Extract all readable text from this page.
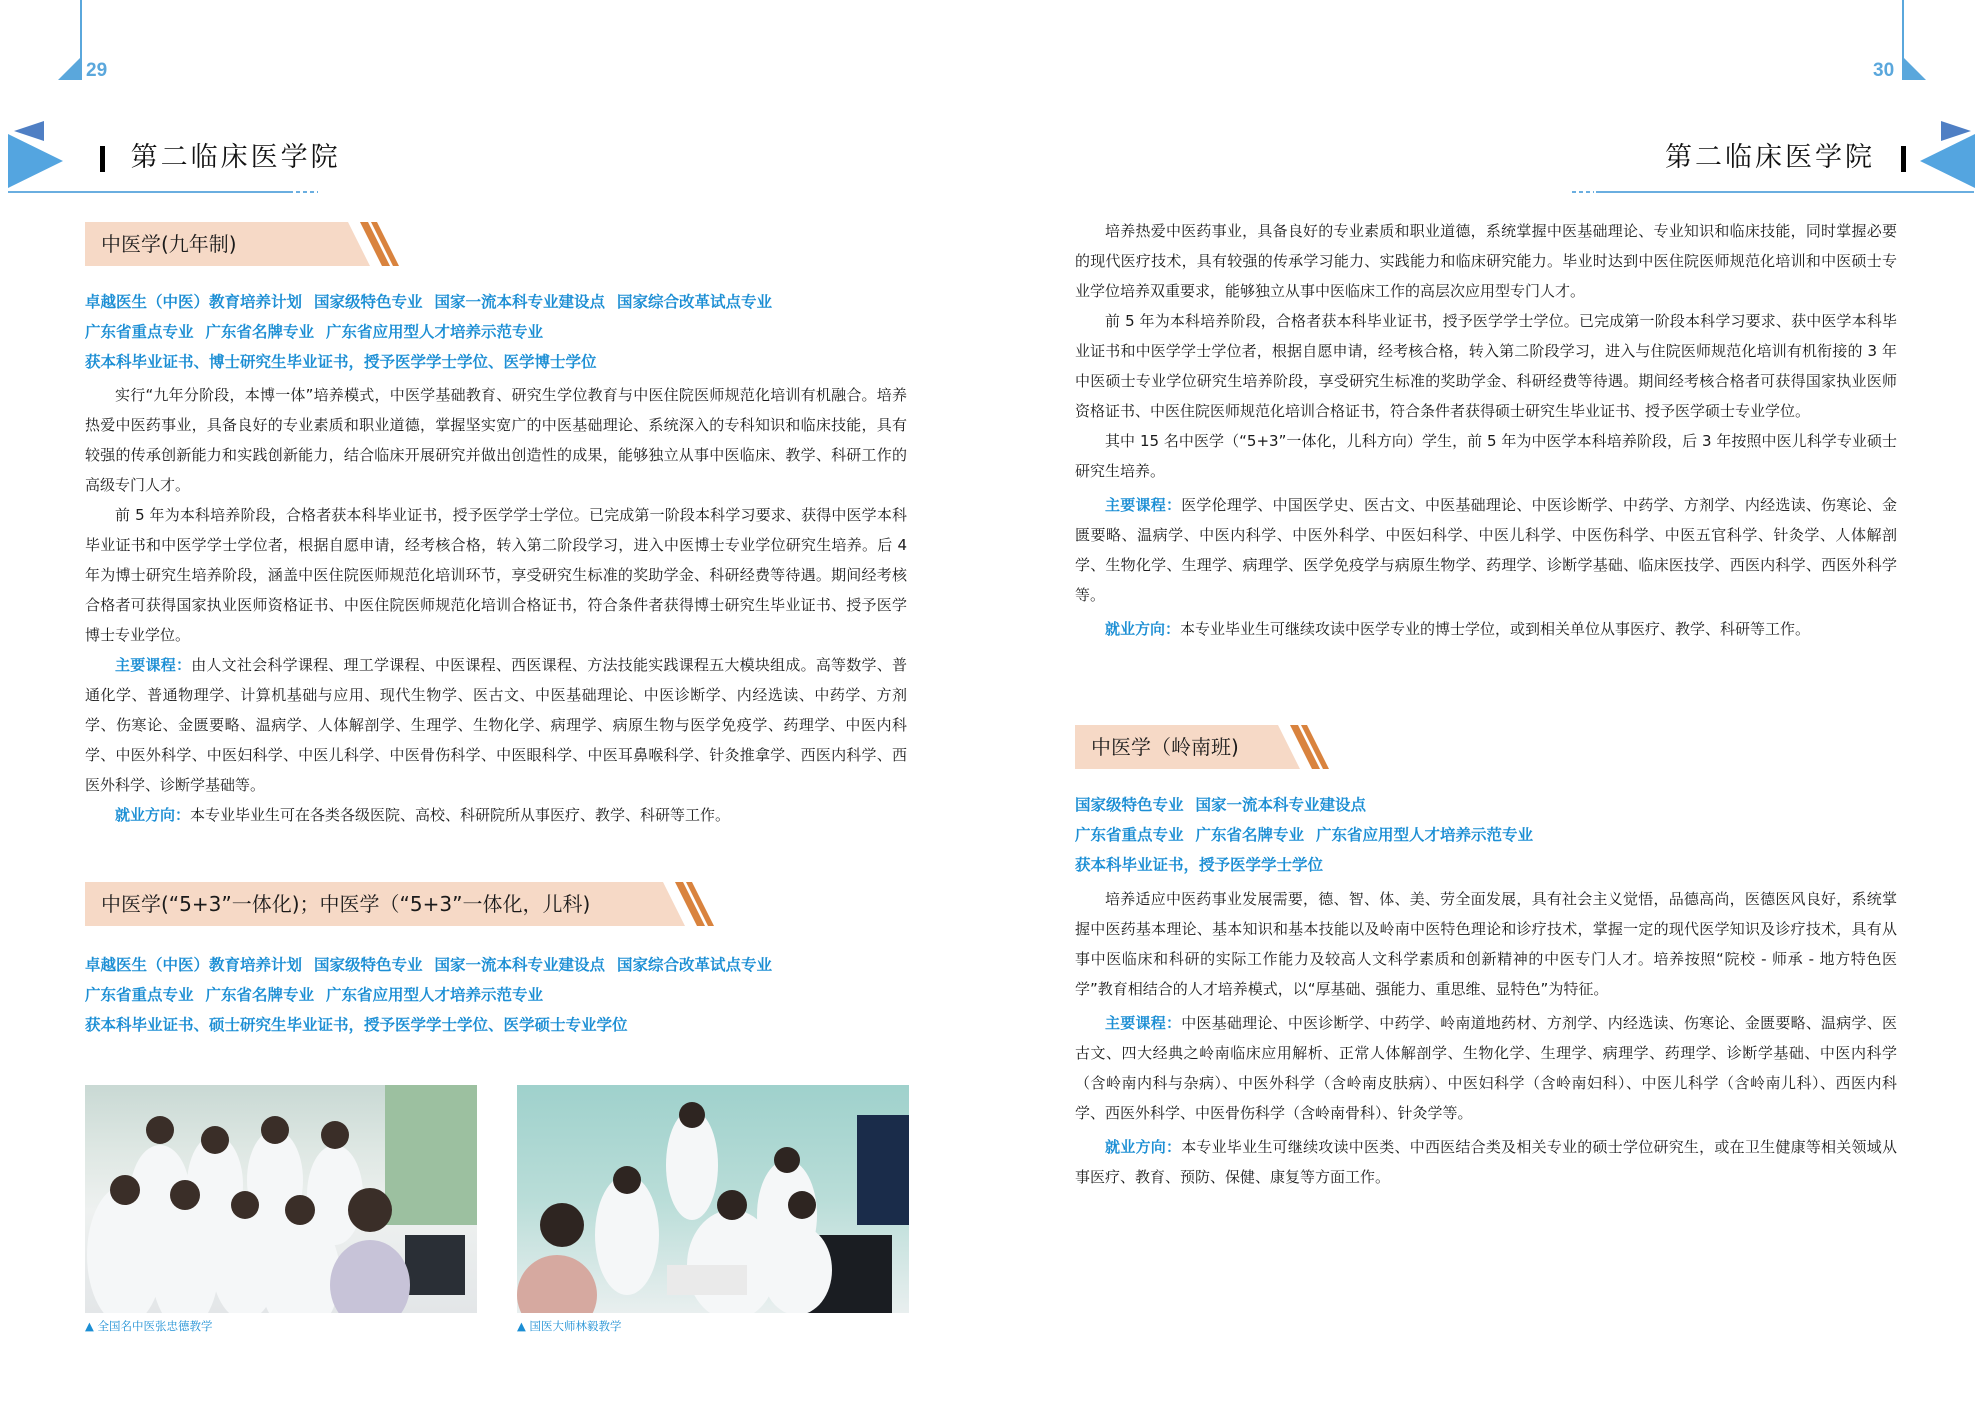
29
第二临床医学院
中医学(九年制)
卓越医生（中医）教育培养计划 国家级特色专业 国家一流本科专业建设点 国家综合改革试点专业
广东省重点专业 广东省名牌专业 广东省应用型人才培养示范专业
获本科毕业证书、博士研究生毕业证书，授予医学学士学位、医学博士学位

实行“九年分阶段，本博一体”培养模式，中医学基础教育、研究生学位教育与中医住院医师规范化培训有机融合。培养热爱中医药事业，具备良好的专业素质和职业道德，掌握坚实宽广的中医基础理论、系统深入的专科知识和临床技能，具有较强的传承创新能力和实践创新能力，结合临床开展研究并做出创造性的成果，能够独立从事中医临床、教学、科研工作的高级专门人才。

前 5 年为本科培养阶段，合格者获本科毕业证书，授予医学学士学位。已完成第一阶段本科学习要求、获得中医学本科毕业证书和中医学学士学位者，根据自愿申请，经考核合格，转入第二阶段学习，进入中医博士专业学位研究生培养。后 4 年为博士研究生培养阶段，涵盖中医住院医师规范化培训环节，享受研究生标准的奖助学金、科研经费等待遇。期间经考核合格者可获得国家执业医师资格证书、中医住院医师规范化培训合格证书，符合条件者获得博士研究生毕业证书、授予医学博士专业学位。

主要课程：由人文社会科学课程、理工学课程、中医课程、西医课程、方法技能实践课程五大模块组成。高等数学、普通化学、普通物理学、计算机基础与应用、现代生物学、医古文、中医基础理论、中医诊断学、内经选读、中药学、方剂学、伤寒论、金匮要略、温病学、人体解剖学、生理学、生物化学、病理学、病原生物与医学免疫学、药理学、中医内科学、中医外科学、中医妇科学、中医儿科学、中医骨伤科学、中医眼科学、中医耳鼻喉科学、针灸推拿学、西医内科学、西医外科学、诊断学基础等。

就业方向：本专业毕业生可在各类各级医院、高校、科研院所从事医疗、教学、科研等工作。

中医学(“5+3”一体化)；中医学（“5+3”一体化，儿科)
卓越医生（中医）教育培养计划 国家级特色专业 国家一流本科专业建设点 国家综合改革试点专业
广东省重点专业 广东省名牌专业 广东省应用型人才培养示范专业
获本科毕业证书、硕士研究生毕业证书，授予医学学士学位、医学硕士专业学位
▲ 全国名中医张忠德教学	▲ 国医大师林毅教学
30
第二临床医学院

培养热爱中医药事业，具备良好的专业素质和职业道德，系统掌握中医基础理论、专业知识和临床技能，同时掌握必要的现代医疗技术，具有较强的传承学习能力、实践能力和临床研究能力。毕业时达到中医住院医师规范化培训和中医硕士专业学位培养双重要求，能够独立从事中医临床工作的高层次应用型专门人才。

前 5 年为本科培养阶段，合格者获本科毕业证书，授予医学学士学位。已完成第一阶段本科学习要求、获中医学本科毕业证书和中医学学士学位者，根据自愿申请，经考核合格，转入第二阶段学习，进入与住院医师规范化培训有机衔接的 3 年中医硕士专业学位研究生培养阶段，享受研究生标准的奖助学金、科研经费等待遇。期间经考核合格者可获得国家执业医师资格证书、中医住院医师规范化培训合格证书，符合条件者获得硕士研究生毕业证书、授予医学硕士专业学位。

其中 15 名中医学（“5+3”一体化，儿科方向）学生，前 5 年为中医学本科培养阶段，后 3 年按照中医儿科学专业硕士研究生培养。

主要课程：医学伦理学、中国医学史、医古文、中医基础理论、中医诊断学、中药学、方剂学、内经选读、伤寒论、金匮要略、温病学、中医内科学、中医外科学、中医妇科学、中医儿科学、中医伤科学、中医五官科学、针灸学、人体解剖学、生物化学、生理学、病理学、医学免疫学与病原生物学、药理学、诊断学基础、临床医技学、西医内科学、西医外科学等。

就业方向：本专业毕业生可继续攻读中医学专业的博士学位，或到相关单位从事医疗、教学、科研等工作。

中医学（岭南班)
国家级特色专业 国家一流本科专业建设点
广东省重点专业 广东省名牌专业 广东省应用型人才培养示范专业
获本科毕业证书，授予医学学士学位

培养适应中医药事业发展需要，德、智、体、美、劳全面发展，具有社会主义觉悟，品德高尚，医德医风良好，系统掌握中医药基本理论、基本知识和基本技能以及岭南中医特色理论和诊疗技术，掌握一定的现代医学知识及诊疗技术，具有从事中医临床和科研的实际工作能力及较高人文科学素质和创新精神的中医专门人才。培养按照“院校 - 师承 - 地方特色医学”教育相结合的人才培养模式，以“厚基础、强能力、重思维、显特色”为特征。

主要课程：中医基础理论、中医诊断学、中药学、岭南道地药材、方剂学、内经选读、伤寒论、金匮要略、温病学、医古文、四大经典之岭南临床应用解析、正常人体解剖学、生物化学、生理学、病理学、药理学、诊断学基础、中医内科学（含岭南内科与杂病）、中医外科学（含岭南皮肤病）、中医妇科学（含岭南妇科）、中医儿科学（含岭南儿科）、西医内科学、西医外科学、中医骨伤科学（含岭南骨科）、针灸学等。

就业方向：本专业毕业生可继续攻读中医类、中西医结合类及相关专业的硕士学位研究生，或在卫生健康等相关领域从事医疗、教育、预防、保健、康复等方面工作。
